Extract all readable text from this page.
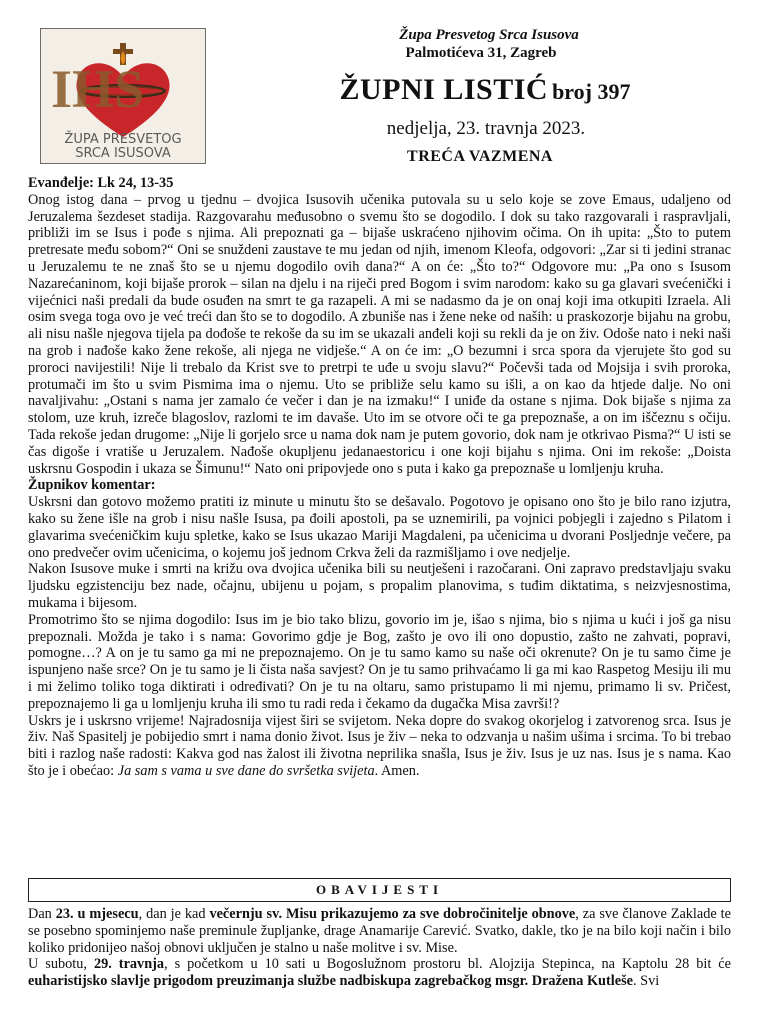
IHS
ŽUPA PRESVETOG
SRCA ISUSOVA
Župa Presvetog Srca Isusova
Palmotićeva 31, Zagreb
ŽUPNI LISTIĆ broj 397
nedjelja, 23. travnja 2023.
TREĆA VAZMENA

Evanđelje: Lk 24, 13-35

Onog istog dana – prvog u tjednu – dvojica Isusovih učenika putovala su u selo koje se zove Emaus, udaljeno od Jeruzalema šezdeset stadija. Razgovarahu međusobno o svemu što se dogodilo. I dok su tako razgovarali i raspravljali, približi im se Isus i pođe s njima. Ali prepoznati ga – bijaše uskraćeno njihovim očima. On ih upita: „Što to putem pretresate među sobom?“ Oni se snuždeni zaustave te mu jedan od njih, imenom Kleofa, odgovori: „Zar si ti jedini stranac u Jeruzalemu te ne znaš što se u njemu dogodilo ovih dana?“ A on će: „Što to?“ Odgovore mu: „Pa ono s Isusom Nazarećaninom, koji bijaše prorok – silan na djelu i na riječi pred Bogom i svim narodom: kako su ga glavari svećenički i vijećnici naši predali da bude osuđen na smrt te ga razapeli. A mi se nadasmo da je on onaj koji ima otkupiti Izraela. Ali osim svega toga ovo je već treći dan što se to dogodilo. A zbuniše nas i žene neke od naših: u praskozorje bijahu na grobu, ali nisu našle njegova tijela pa dođoše te rekoše da su im se ukazali anđeli koji su rekli da je on živ. Odoše nato i neki naši na grob i nađoše kako žene rekoše, ali njega ne vidješe.“ A on će im: „O bezumni i srca spora da vjerujete što god su proroci navijestili! Nije li trebalo da Krist sve to pretrpi te uđe u svoju slavu?“ Počevši tada od Mojsija i svih proroka, protumači im što u svim Pismima ima o njemu. Uto se približe selu kamo su išli, a on kao da htjede dalje. No oni navaljivahu: „Ostani s nama jer zamalo će večer i dan je na izmaku!“ I uniđe da ostane s njima. Dok bijaše s njima za stolom, uze kruh, izreče blagoslov, razlomi te im davaše. Uto im se otvore oči te ga prepoznaše, a on im iščeznu s očiju. Tada rekoše jedan drugome: „Nije li gorjelo srce u nama dok nam je putem govorio, dok nam je otkrivao Pisma?“ U isti se čas digoše i vratiše u Jeruzalem. Nađoše okupljenu jedanaestoricu i one koji bijahu s njima. Oni im rekoše: „Doista uskrsnu Gospodin i ukaza se Šimunu!“ Nato oni pripovjede ono s puta i kako ga prepoznaše u lomljenju kruha.

Župnikov komentar:

Uskrsni dan gotovo možemo pratiti iz minute u minutu što se dešavalo. Pogotovo je opisano ono što je bilo rano izjutra, kako su žene išle na grob i nisu našle Isusa, pa đoili apostoli, pa se uznemirili, pa vojnici pobjegli i zajedno s Pilatom i glavarima svećeničkim kuju spletke, kako se Isus ukazao Mariji Magdaleni, pa učenicima u dvorani Posljednje večere, pa ono predvečer ovim učenicima, o kojemu još jednom Crkva želi da razmišljamo i ove nedjelje.

Nakon Isusove muke i smrti na križu ova dvojica učenika bili su neutješeni i razočarani. Oni zapravo predstavljaju svaku ljudsku egzistenciju bez nade, očajnu, ubijenu u pojam, s propalim planovima, s tuđim diktatima, s neizvjesnostima, mukama i bijesom.

Promotrimo što se njima dogodilo: Isus im je bio tako blizu, govorio im je, išao s njima, bio s njima u kući i još ga nisu prepoznali. Možda je tako i s nama: Govorimo gdje je Bog, zašto je ovo ili ono dopustio, zašto ne zahvati, popravi, pomogne…? A on je tu samo ga mi ne prepoznajemo. On je tu samo kamo su naše oči okrenute? On je tu samo čime je ispunjeno naše srce? On je tu samo je li čista naša savjest? On je tu samo prihvaćamo li ga mi kao Raspetog Mesiju ili mu i mi želimo toliko toga diktirati i određivati? On je tu na oltaru, samo pristupamo li mi njemu, primamo li sv. Pričest, prepoznajemo li ga u lomljenju kruha ili smo tu radi reda i čekamo da dugačka Misa završi!?

Uskrs je i uskrsno vrijeme! Najradosnija vijest širi se svijetom. Neka dopre do svakog okorjelog i zatvorenog srca. Isus je živ. Naš Spasitelj je pobijedio smrt i nama donio život. Isus je živ – neka to odzvanja u našim ušima i srcima. To bi trebao biti i razlog naše radosti: Kakva god nas žalost ili životna neprilika snašla, Isus je živ. Isus je uz nas. Isus je s nama. Kao što je i obećao: Ja sam s vama u sve dane do svršetka svijeta. Amen.

OBAVIJESTI

Dan 23. u mjesecu, dan je kad večernju sv. Misu prikazujemo za sve dobročinitelje obnove, za sve članove Zaklade te se posebno spominjemo naše preminule župljanke, drage Anamarije Carević. Svatko, dakle, tko je na bilo koji način i bilo koliko pridonijeo našoj obnovi uključen je stalno u naše molitve i sv. Mise.

U subotu, 29. travnja, s početkom u 10 sati u Bogoslužnom prostoru bl. Alojzija Stepinca, na Kaptolu 28 bit će euharistijsko slavlje prigodom preuzimanja službe nadbiskupa zagrebačkog msgr. Dražena Kutleše. Svi
